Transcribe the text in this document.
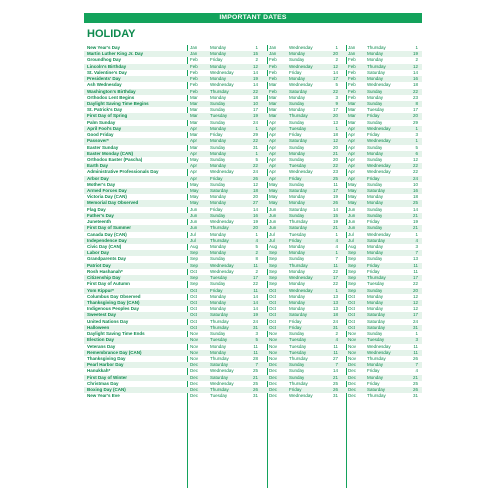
IMPORTANT DATES
HOLIDAY
New Year's Day	Jan	Monday	1 Jan	Wednesday	1 Jan	Thursday	1
Martin Luther King Jr. Day	Jan	Monday	15 Jan	Monday	20 Jan	Monday	19
Groundhog Day	Feb	Friday	2 Feb	Sunday	2 Feb Monday	2
Lincoln's Birthday	Feb	Monday	12 Feb	Wednesday	12 Feb Thursday	12
St. Valentine's Day	Feb	Wednesday	14 Feb	Friday	14 Feb Saturday	14
Presidents' Day	Feb	Monday	19 Feb	Monday	17 Feb Monday	16
Ash Wednesday	Feb	Wednesday	14 Mar	Wednesday	5 Feb Wednesday	18
Washington's Birthday	Feb	Thursday	22 Feb	Saturday	22 Feb Sunday	22
Orthodox Lent Begins	Mar	Monday	18 Mar	Monday	3 Feb Monday	23
Daylight Saving Time Begins	Mar	Sunday	10 Mar	Sunday	9 Mar	Sunday	8
St. Patrick's Day	Mar	Sunday	17 Mar	Monday	17 Mar	Tuesday	17
First Day of Spring	Mar	Tuesday	19 Mar	Thursday	20 Mar	Friday	20
Palm Sunday	Mar	Sunday	24 Apr	Sunday	13 Mar	Sunday	29
April Fool's Day	Apr	Monday	1 Apr	Tuesday	1 Apr	Wednesday	1
Good Friday	Mar	Friday	29 Apr	Friday	18 Apr	Friday	3
Passover*	Apr	Monday	22 Apr	Saturday	12 Apr	Wednesday	1
Easter Sunday	Mar	Sunday	31 Apr	Sunday	20 Apr	Sunday	5
Easter Monday (CAN)	Apr	Monday	1 Apr	Monday	21 Apr	Monday	6
Orthodox Easter (Pascha)	May	Sunday	5 Apr	Sunday	20 Apr	Sunday	12
Earth Day	Apr	Monday	22 Apr	Tuesday	22 Apr	Wednesday	22
Administrative Professionals Day	Apr	Wednesday	24 Apr	Wednesday	23 Apr	Wednesday	22
Arbor Day	Apr	Friday	26 Apr	Friday	25 Apr	Friday	24
Mother's Day	May	Sunday	12 May	Sunday	11 May Sunday	10
Armed Forces Day	May	Saturday	18 May	Saturday	17 May Saturday	16
Victoria Day (CAN)	May	Monday	20 May	Monday	19 May Monday	18
Memorial Day Observed	May	Monday	27 May	Monday	26 May Monday	25
Flag Day	Jun	Friday	14 Jun	Saturday	14 Jun	Sunday	14
Father's Day	Jun	Sunday	16 Jun	Sunday	15 Jun	Sunday	21
Juneteenth	Jun	Wednesday	19 Jun	Thursday	19 Jun	Friday	19
First Day of Summer	Jun	Thursday	20 Jun	Saturday	21 Jun	Sunday	21
Canada Day (CAN)	Jul	Monday	1 Jul	Tuesday	1 Jul	Wednesday	1
Independence Day	Jul	Thursday	4 Jul	Friday	4 Jul	Saturday	4
Civic Day (CAN)	Aug	Monday	5 Aug	Monday	4 Aug Monday	3
Labor Day	Sep	Monday	2 Sep	Monday	1 Sep Monday	7
Grandparents Day	Sep	Sunday	8 Sep	Sunday	7 Sep Sunday	13
Patriot Day	Sep	Wednesday	11 Sep	Thursday	11 Sep Friday	11
Rosh Hashanah*	Oct	Wednesday	2 Sep	Monday	22 Sep Friday	11
Citizenship Day	Sep	Tuesday	17 Sep	Wednesday	17 Sep Thursday	17
First Day of Autumn	Sep	Sunday	22 Sep	Monday	22 Sep Tuesday	22
Yom Kippur*	Oct	Friday	11 Oct	Wednesday	1 Sep Sunday	20
Columbus Day Observed	Oct	Monday	14 Oct	Monday	13 Oct	Monday	12
Thanksgiving Day (CAN)	Oct	Monday	14 Oct	Monday	13 Oct	Monday	12
Indigenous Peoples Day	Oct	Monday	14 Oct	Monday	13 Oct	Monday	12
Sweetest Day	Oct	Saturday	19 Oct	Saturday	18 Oct	Saturday	17
United Nations Day	Oct	Thursday	24 Oct	Friday	24 Oct	Saturday	24
Halloween	Oct	Thursday	31 Oct	Friday	31 Oct	Saturday	31
Daylight Saving Time Ends	Nov	Sunday	3 Nov	Sunday	2 Nov Sunday	1
Election Day	Nov	Tuesday	5 Nov	Tuesday	4 Nov Tuesday	3
Veterans Day	Nov	Monday	11 Nov	Tuesday	11 Nov Wednesday	11
Remembrance Day (CAN)	Nov	Monday	11 Nov	Tuesday	11 Nov Wednesday	11
Thanksgiving Day	Nov	Thursday	28 Nov	Thursday	27 Nov Thursday	26
Pearl Harbor Day	Dec	Saturday	7 Dec	Sunday	7 Dec Monday	7
Hanukkah*	Dec	Wednesday	25 Dec	Sunday	14 Dec Friday	4
First Day of Winter	Dec	Saturday	21 Dec	Sunday	21 Dec Monday	21
Christmas Day	Dec	Wednesday	25 Dec	Thursday	25 Dec Friday	25
Boxing Day (CAN)	Dec	Thursday	26 Dec	Friday	26 Dec Saturday	26
New Year's Eve	Dec	Tuesday	31 Dec	Wednesday	31 Dec Thursday	31
